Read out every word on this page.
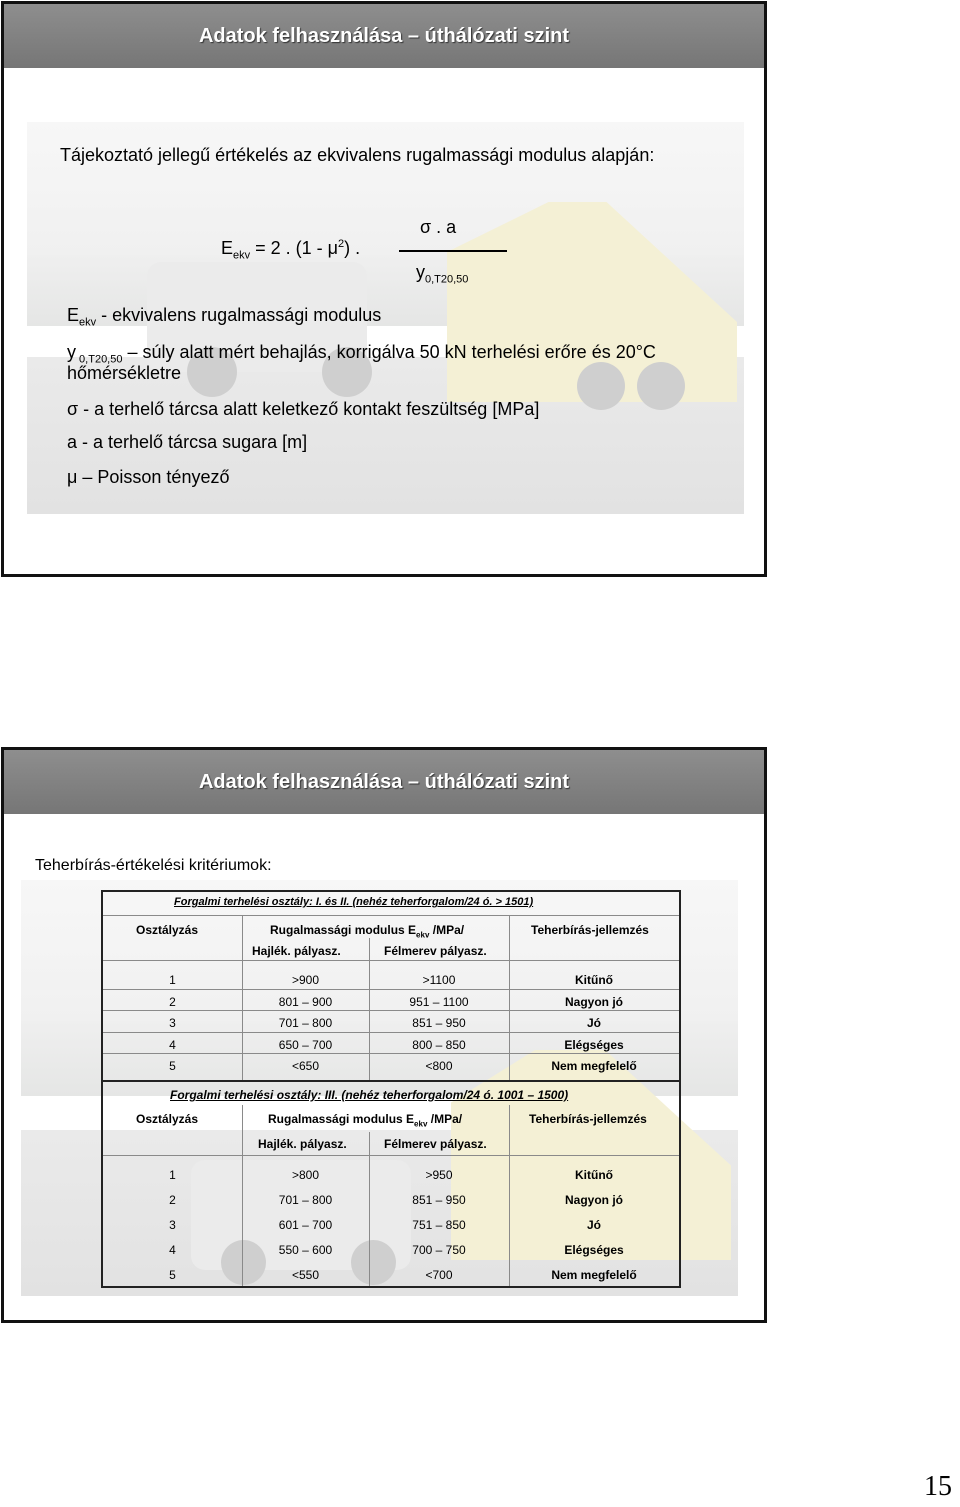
Adatok felhasználása – úthálózati szint
Tájekoztató jellegű értékelés az ekvivalens rugalmassági modulus alapján:
$E_{ekv} = 2$ . $(1 - \mu^2)$ .
σ . a
$y_{0,T20,50}$
$E_{ekv}$ - ekvivalens rugalmassági modulus
y $_{0,T20,50}$ – súly alatt mért behajlás, korrigálva 50 kN terhelési erőre és 20°C
hőmérsékletre
σ - a terhelő tárcsa alatt keletkező kontakt feszültség [MPa]
a - a terhelő tárcsa sugara [m]
μ – Poisson tényező
Adatok felhasználása – úthálózati szint
Teherbírás-értékelési kritériumok:
Forgalmi terhelési osztály: I. és II. (nehéz teherforgalom/24 ó. > 1501)
Osztályzás	Rugalmassági modulus $E_{ekv}$ /MPa/	Teherbírás-jellemzés
Hajlék. pályasz.	Félmerev pályasz.
1	>900	>1100	Kitűnő
2	801 – 900	951 – 1100	Nagyon jó
3	701 – 800	851 – 950	Jó
4	650 – 700	800 – 850	Elégséges
5	<650	<800	Nem megfelelő
Forgalmi terhelési osztály: III. (nehéz teherforgalom/24 ó. 1001 – 1500)
Osztályzás	Rugalmassági modulus $E_{ekv}$ /MPa/	Teherbírás-jellemzés
Hajlék. pályasz.	Félmerev pályasz.
1	>800	>950	Kitűnő
2	701 – 800	851 – 950	Nagyon jó
3	601 – 700	751 – 850	Jó
4	550 – 600	700 – 750	Elégséges
5	<550	<700	Nem megfelelő
15
